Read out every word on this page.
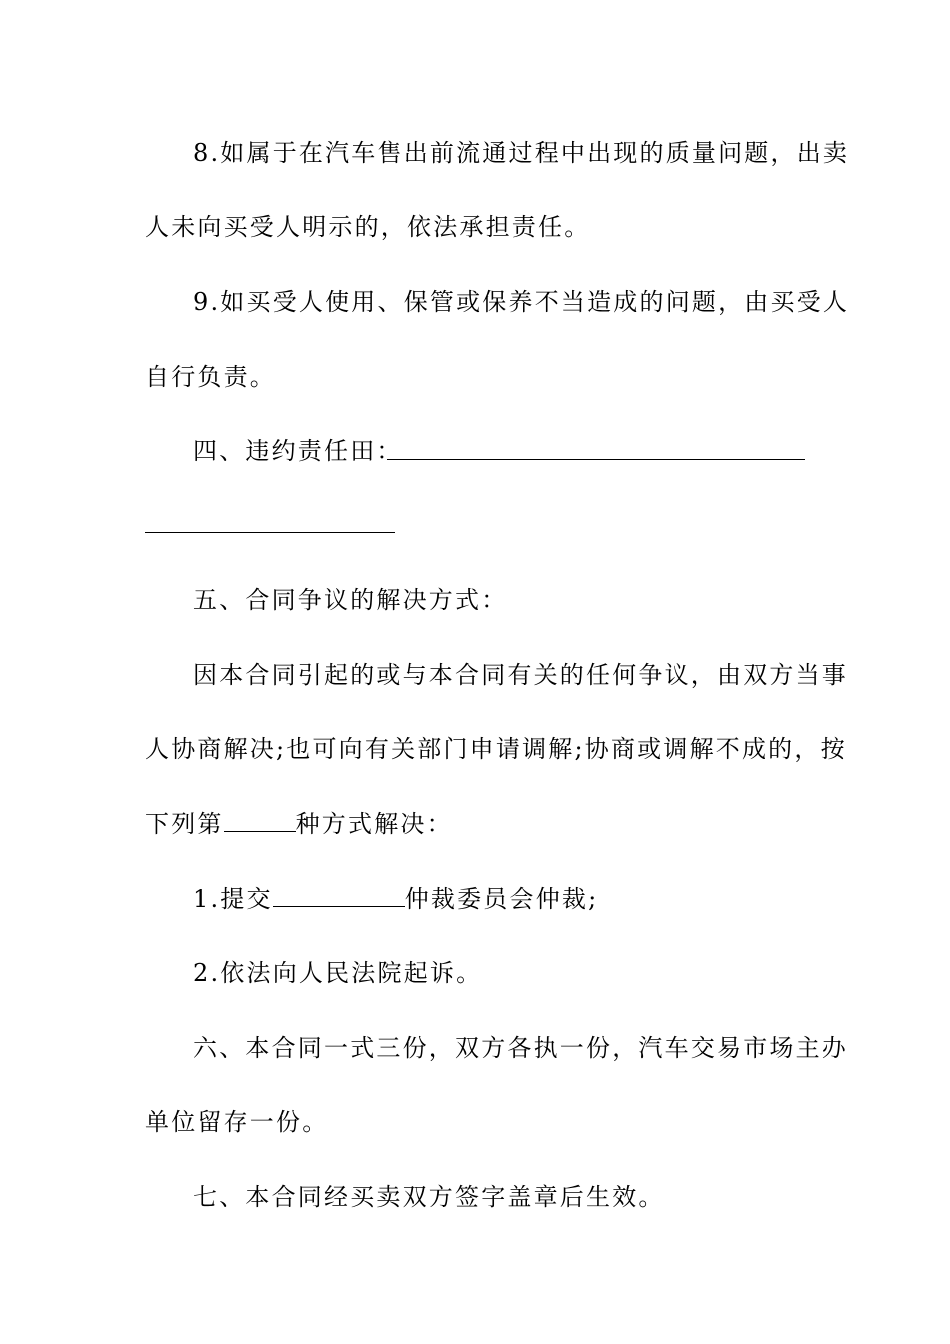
8.如属于在汽车售出前流通过程中出现的质量问题，出卖
人未向买受人明示的，依法承担责任。
9.如买受人使用、保管或保养不当造成的问题，由买受人
自行负责。
四、违约责任田：
五、合同争议的解决方式：
因本合同引起的或与本合同有关的任何争议，由双方当事
人协商解决;也可向有关部门申请调解;协商或调解不成的，按
下列第	种方式解决：
1.提交	仲裁委员会仲裁;
2.依法向人民法院起诉。
六、本合同一式三份，双方各执一份，汽车交易市场主办
单位留存一份。
七、本合同经买卖双方签字盖章后生效。
